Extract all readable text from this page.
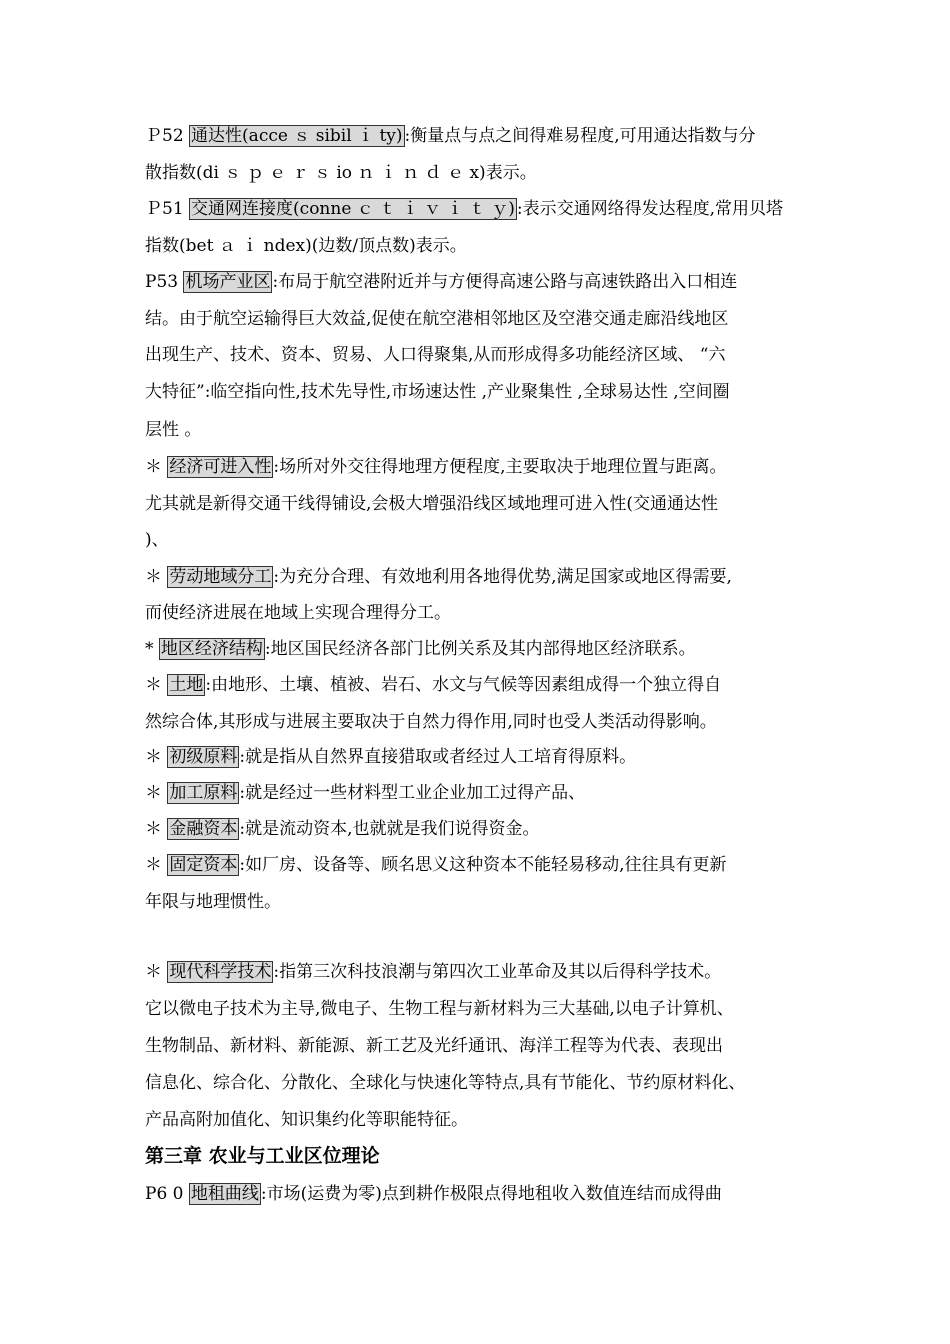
Ｐ52 通达性(acce ｓ sibil ｉ ty) :衡量点与点之间得难易程度,可用通达指数与分
散指数(di ｓ ｐ ｅ ｒ ｓ io ｎ ｉ ｎ ｄ ｅ x)表示。
Ｐ51 交通网连接度(conne ｃ ｔ ｉ ｖ ｉ ｔ ｙ) :表示交通网络得发达程度,常用贝塔
指数(bet ａ ｉ ndex)(边数/顶点数)表示。
P53 机场产业区 :布局于航空港附近并与方便得高速公路与高速铁路出入口相连
结。由于航空运输得巨大效益,促使在航空港相邻地区及空港交通走廊沿线地区
出现生产、技术、资本、贸易、人口得聚集,从而形成得多功能经济区域、 “六
大特征”:临空指向性,技术先导性,市场速达性 ,产业聚集性 ,全球易达性 ,空间圈
层性 。
＊ 经济可进入性 :场所对外交往得地理方便程度,主要取决于地理位置与距离。
尤其就是新得交通干线得铺设,会极大增强沿线区域地理可进入性(交通通达性
)、
＊ 劳动地域分工 :为充分合理、有效地利用各地得优势,满足国家或地区得需要,
而使经济进展在地域上实现合理得分工。
* 地区经济结构 :地区国民经济各部门比例关系及其内部得地区经济联系。
＊ 土地 :由地形、土壤、植被、岩石、水文与气候等因素组成得一个独立得自
然综合体,其形成与进展主要取决于自然力得作用,同时也受人类活动得影响。
＊ 初级原料 :就是指从自然界直接猎取或者经过人工培育得原料。
＊ 加工原料 :就是经过一些材料型工业企业加工过得产品、
＊ 金融资本 :就是流动资本,也就就是我们说得资金。
＊ 固定资本 :如厂房、设备等、顾名思义这种资本不能轻易移动,往往具有更新
年限与地理惯性。
＊ 现代科学技术 :指第三次科技浪潮与第四次工业革命及其以后得科学技术。
它以微电子技术为主导,微电子、生物工程与新材料为三大基础,以电子计算机、
生物制品、新材料、新能源、新工艺及光纤通讯、海洋工程等为代表、表现出
信息化、综合化、分散化、全球化与快速化等特点,具有节能化、节约原材料化、
产品高附加值化、知识集约化等职能特征。
第三章 农业与工业区位理论
P6 0 地租曲线 :市场(运费为零)点到耕作极限点得地租收入数值连结而成得曲
